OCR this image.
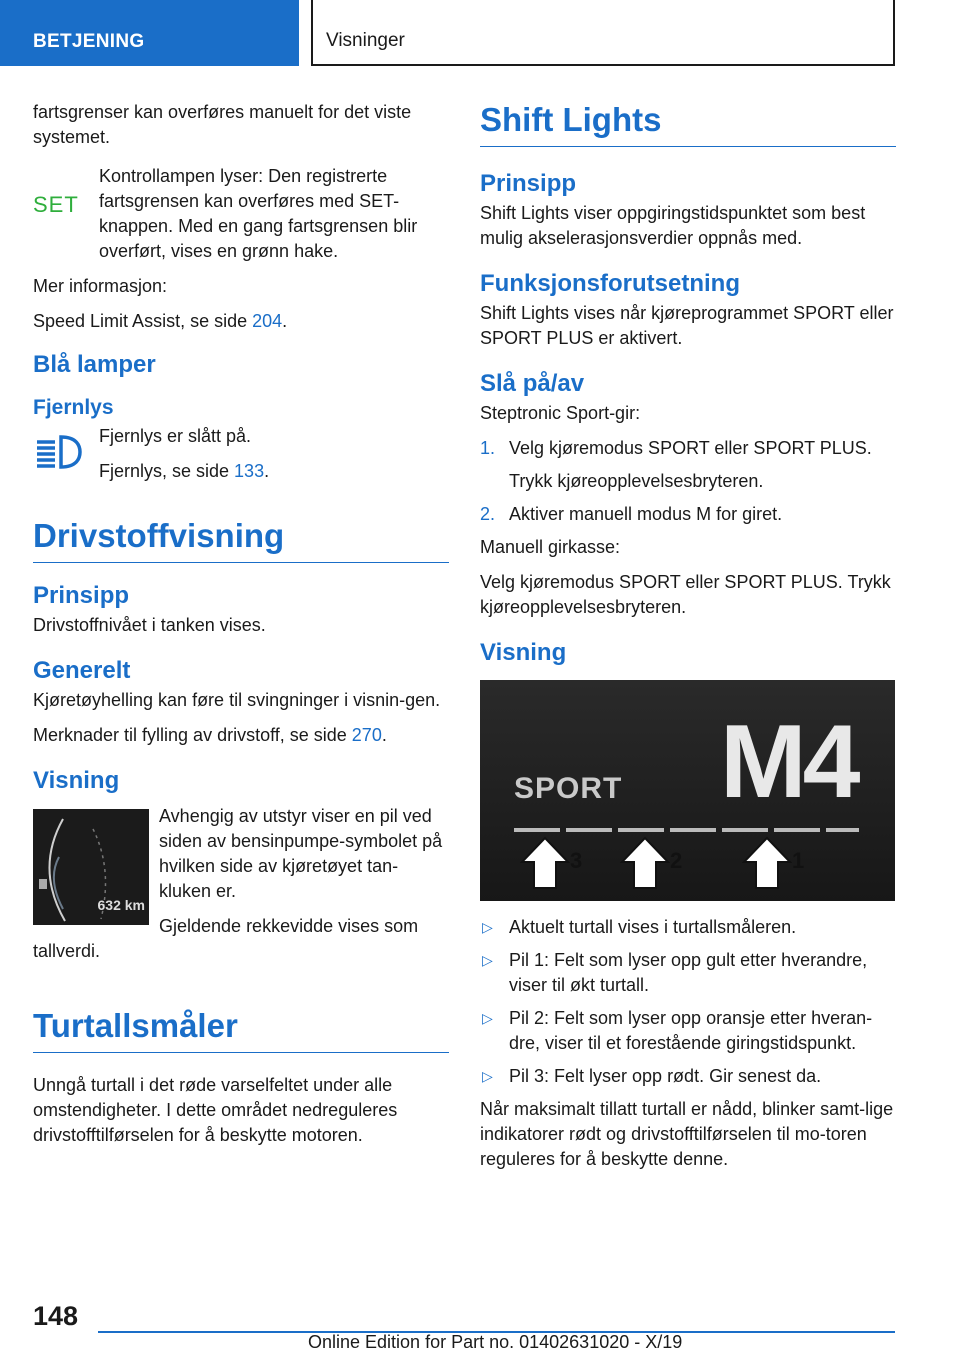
BETJENING	Visninger

fartsgrenser kan overføres manuelt for det viste systemet.

SET

Kontrollampen lyser: Den registrerte fartsgrensen kan overføres med SET-knappen. Med en gang fartsgrensen blir overført, vises en grønn hake.

Mer informasjon:

Speed Limit Assist, se side 204.

Blå lamper
Fjernlys

Fjernlys er slått på.

Fjernlys, se side 133.

Drivstoffvisning
Prinsipp

Drivstoffnivået i tanken vises.

Generelt

Kjøretøyhelling kan føre til svingninger i visnin-gen.

Merknader til fylling av drivstoff, se side 270.

Visning
632 km

Avhengig av utstyr viser en pil ved siden av bensinpumpe-symbolet på hvilken side av kjøretøyet tan-kluken er.

Gjeldende rekkevidde vises som tallverdi.

Turtallsmåler

Unngå turtall i det røde varselfeltet under alle omstendigheter. I dette området nedreguleres drivstofftilførselen for å beskytte motoren.

Shift Lights
Prinsipp

Shift Lights viser oppgiringstidspunktet som best mulig akselerasjonsverdier oppnås med.

Funksjonsforutsetning

Shift Lights vises når kjøreprogrammet SPORT eller SPORT PLUS er aktivert.

Slå på/av

Steptronic Sport-gir:

1. Velg kjøremodus SPORT eller SPORT PLUS.
Trykk kjøreopplevelsesbryteren.
2. Aktiver manuell modus M for giret.

Manuell girkasse:

Velg kjøremodus SPORT eller SPORT PLUS. Trykk kjøreopplevelsesbryteren.

Visning
M4
SPORT
3	2	1
▷ Aktuelt turtall vises i turtallsmåleren.
▷ Pil 1: Felt som lyser opp gult etter hverandre, viser til økt turtall.
▷ Pil 2: Felt som lyser opp oransje etter hveran-dre, viser til et forestående giringstidspunkt.
▷ Pil 3: Felt lyser opp rødt. Gir senest da.

Når maksimalt tillatt turtall er nådd, blinker samt-lige indikatorer rødt og drivstofftilførselen til mo-toren reguleres for å beskytte denne.

148
Online Edition for Part no. 01402631020 - X/19
